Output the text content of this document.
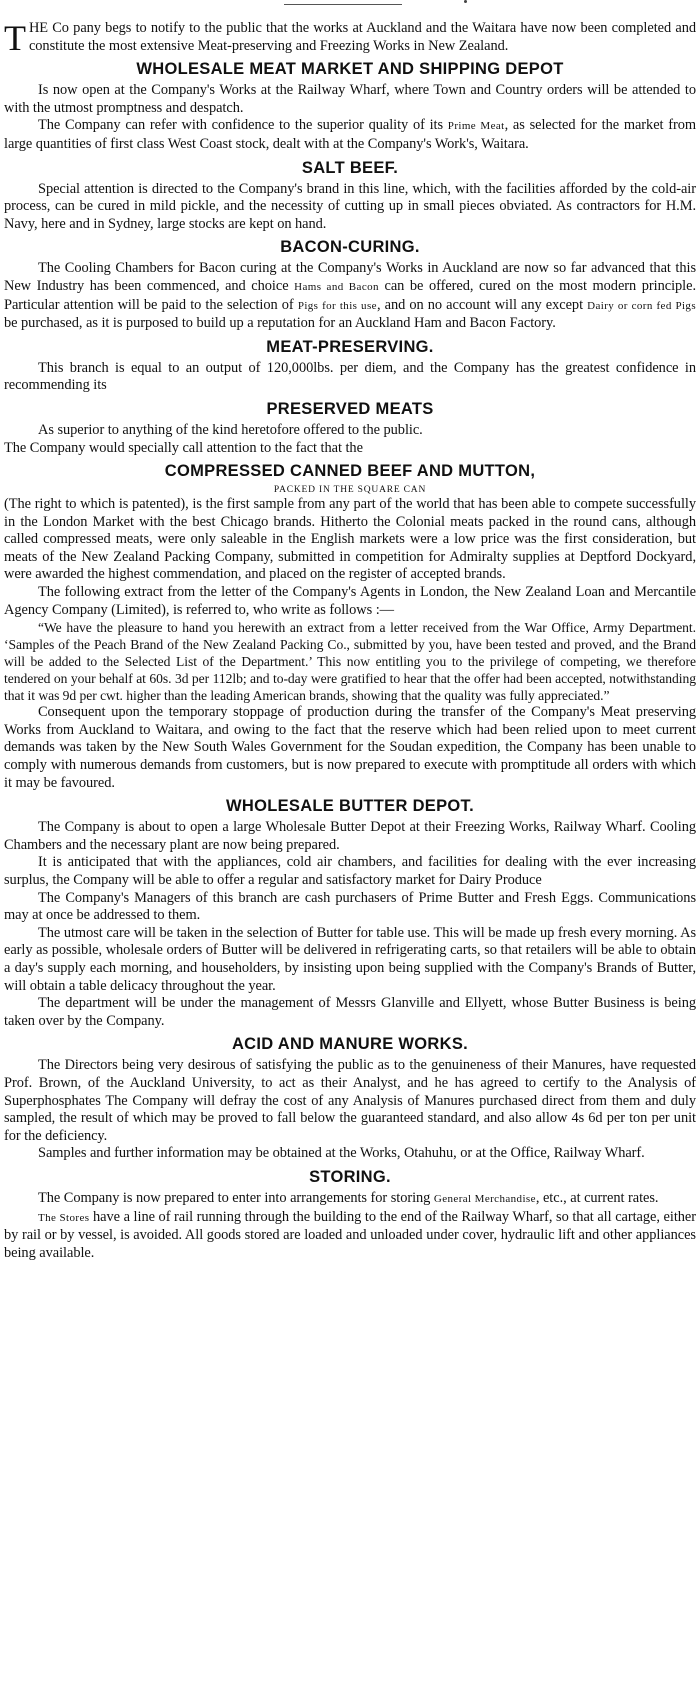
THE Co pany begs to notify to the public that the works at Auckland and the Waitara have now been completed and constitute the most extensive Meat-preserving and Freezing Works in New Zealand.

WHOLESALE MEAT MARKET AND SHIPPING DEPOT

Is now open at the Company's Works at the Railway Wharf, where Town and Country orders will be attended to with the utmost promptness and despatch.

The Company can refer with confidence to the superior quality of its Prime Meat, as selected for the market from large quantities of first class West Coast stock, dealt with at the Company's Work's, Waitara.

SALT BEEF.

Special attention is directed to the Company's brand in this line, which, with the facilities afforded by the cold-air process, can be cured in mild pickle, and the necessity of cutting up in small pieces obviated. As contractors for H.M. Navy, here and in Sydney, large stocks are kept on hand.

BACON-CURING.

The Cooling Chambers for Bacon curing at the Company's Works in Auckland are now so far advanced that this New Industry has been commenced, and choice Hams and Bacon can be offered, cured on the most modern principle. Particular attention will be paid to the selection of Pigs for this use, and on no account will any except Dairy or corn fed Pigs be purchased, as it is purposed to build up a reputation for an Auckland Ham and Bacon Factory.

MEAT-PRESERVING.

This branch is equal to an output of 120,000lbs. per diem, and the Company has the greatest confidence in recommending its

PRESERVED MEATS

As superior to anything of the kind heretofore offered to the public.

The Company would specially call attention to the fact that the

COMPRESSED CANNED BEEF AND MUTTON,
PACKED IN THE SQUARE CAN

(The right to which is patented), is the first sample from any part of the world that has been able to compete successfully in the London Market with the best Chicago brands. Hitherto the Colonial meats packed in the round cans, although called compressed meats, were only saleable in the English markets were a low price was the first consideration, but meats of the New Zealand Packing Company, submitted in competition for Admiralty supplies at Deptford Dockyard, were awarded the highest commendation, and placed on the register of accepted brands.

The following extract from the letter of the Company's Agents in London, the New Zealand Loan and Mercantile Agency Company (Limited), is referred to, who write as follows :—

“We have the pleasure to hand you herewith an extract from a letter received from the War Office, Army Department. ‘Samples of the Peach Brand of the New Zealand Packing Co., submitted by you, have been tested and proved, and the Brand will be added to the Selected List of the Department.’ This now entitling you to the privilege of competing, we therefore tendered on your behalf at 60s. 3d per 112lb; and to-day were gratified to hear that the offer had been accepted, notwithstanding that it was 9d per cwt. higher than the leading American brands, showing that the quality was fully appreciated.”

Consequent upon the temporary stoppage of production during the transfer of the Company's Meat preserving Works from Auckland to Waitara, and owing to the fact that the reserve which had been relied upon to meet current demands was taken by the New South Wales Government for the Soudan expedition, the Company has been unable to comply with numerous demands from customers, but is now prepared to execute with promptitude all orders with which it may be favoured.

WHOLESALE BUTTER DEPOT.

The Company is about to open a large Wholesale Butter Depot at their Freezing Works, Railway Wharf. Cooling Chambers and the necessary plant are now being prepared.

It is anticipated that with the appliances, cold air chambers, and facilities for dealing with the ever increasing surplus, the Company will be able to offer a regular and satisfactory market for Dairy Produce

The Company's Managers of this branch are cash purchasers of Prime Butter and Fresh Eggs. Communications may at once be addressed to them.

The utmost care will be taken in the selection of Butter for table use. This will be made up fresh every morning. As early as possible, wholesale orders of Butter will be delivered in refrigerating carts, so that retailers will be able to obtain a day's supply each morning, and householders, by insisting upon being supplied with the Company's Brands of Butter, will obtain a table delicacy throughout the year.

The department will be under the management of Messrs Glanville and Ellyett, whose Butter Business is being taken over by the Company.

ACID AND MANURE WORKS.

The Directors being very desirous of satisfying the public as to the genuineness of their Manures, have requested Prof. Brown, of the Auckland University, to act as their Analyst, and he has agreed to certify to the Analysis of Superphosphates The Company will defray the cost of any Analysis of Manures purchased direct from them and duly sampled, the result of which may be proved to fall below the guaranteed standard, and also allow 4s 6d per ton per unit for the deficiency.

Samples and further information may be obtained at the Works, Otahuhu, or at the Office, Railway Wharf.

STORING.

The Company is now prepared to enter into arrangements for storing General Merchandise, etc., at current rates.

The Stores have a line of rail running through the building to the end of the Railway Wharf, so that all cartage, either by rail or by vessel, is avoided. All goods stored are loaded and unloaded under cover, hydraulic lift and other appliances being available.
